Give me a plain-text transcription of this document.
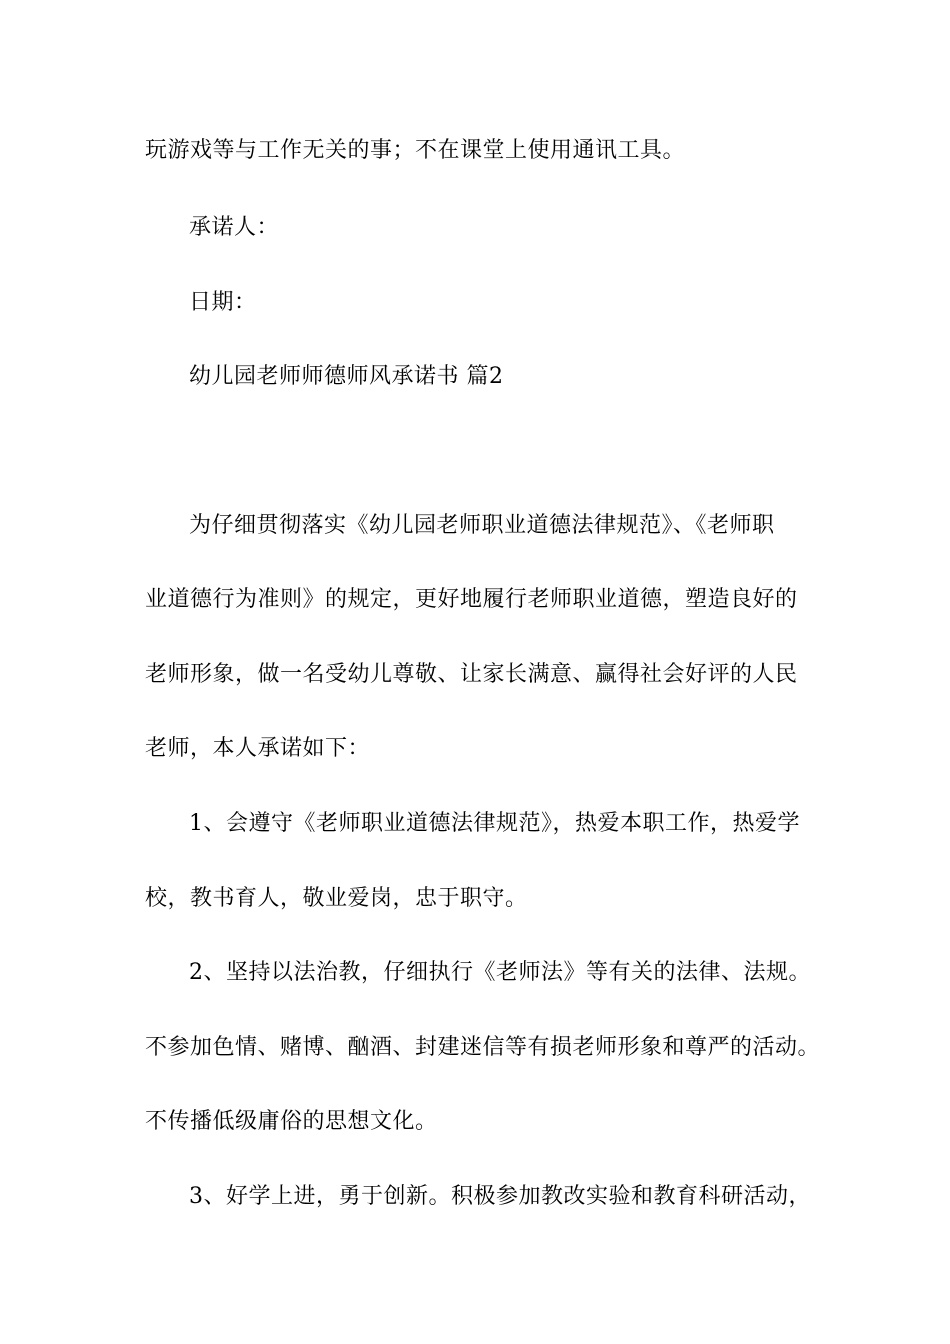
玩游戏等与工作无关的事；不在课堂上使用通讯工具。

承诺人：

日期：

幼儿园老师师德师风承诺书 篇2

为仔细贯彻落实《幼儿园老师职业道德法律规范》、《老师职

业道德行为准则》的规定，更好地履行老师职业道德，塑造良好的

老师形象，做一名受幼儿尊敬、让家长满意、赢得社会好评的人民

老师，本人承诺如下：

1、会遵守《老师职业道德法律规范》，热爱本职工作，热爱学

校，教书育人，敬业爱岗，忠于职守。

2、坚持以法治教，仔细执行《老师法》等有关的法律、法规。

不参加色情、赌博、酗酒、封建迷信等有损老师形象和尊严的活动。

不传播低级庸俗的思想文化。

3、好学上进，勇于创新。积极参加教改实验和教育科研活动，
